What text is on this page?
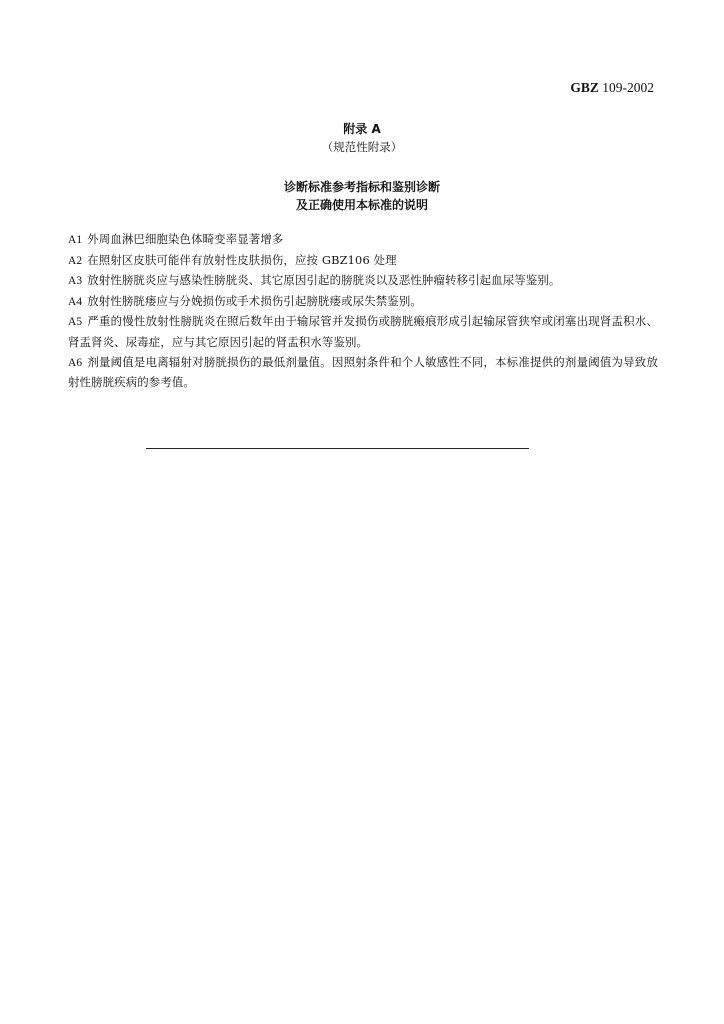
GBZ 109-2002
附录 A
（规范性附录）
诊断标准参考指标和鉴别诊断
及正确使用本标准的说明

A1 外周血淋巴细胞染色体畸变率显著增多

A2 在照射区皮肤可能伴有放射性皮肤损伤，应按 GBZ106 处理

A3 放射性膀胱炎应与感染性膀胱炎、其它原因引起的膀胱炎以及恶性肿瘤转移引起血尿等鉴别。

A4 放射性膀胱瘘应与分娩损伤或手术损伤引起膀胱瘘或尿失禁鉴别。

A5 严重的慢性放射性膀胱炎在照后数年由于输尿管并发损伤或膀胱瘢痕形成引起输尿管狭窄或闭塞出现肾盂积水、肾盂肾炎、尿毒症，应与其它原因引起的肾盂积水等鉴别。

A6 剂量阈值是电离辐射对膀胱损伤的最低剂量值。因照射条件和个人敏感性不同，本标准提供的剂量阈值为导致放射性膀胱疾病的参考值。
